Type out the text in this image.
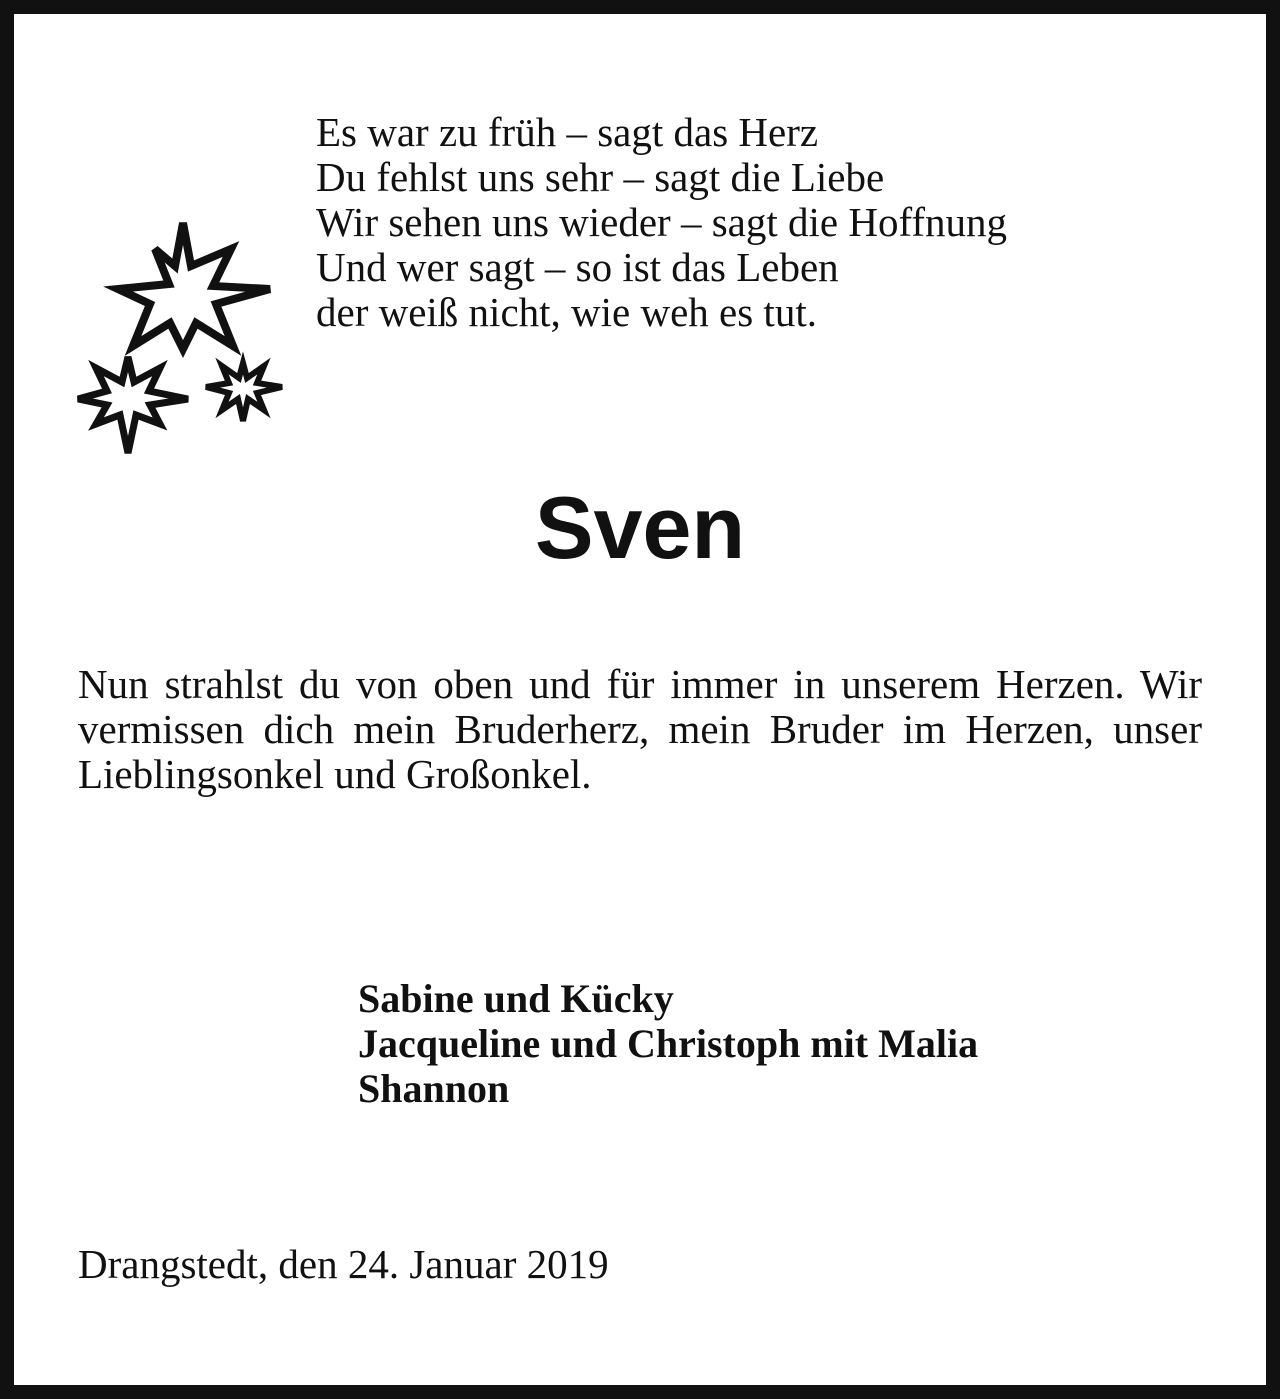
Es war zu früh – sagt das Herz
Du fehlst uns sehr – sagt die Liebe
Wir sehen uns wieder – sagt die Hoffnung
Und wer sagt – so ist das Leben
der weiß nicht, wie weh es tut.
Sven

Nun strahlst du von oben und für immer in unserem Herzen. Wir vermissen dich mein Bruderherz, mein Bruder im Herzen, unser Lieblingsonkel und Großonkel.

Sabine und Kücky
Jacqueline und Christoph mit Malia
Shannon
Drangstedt, den 24. Januar 2019
